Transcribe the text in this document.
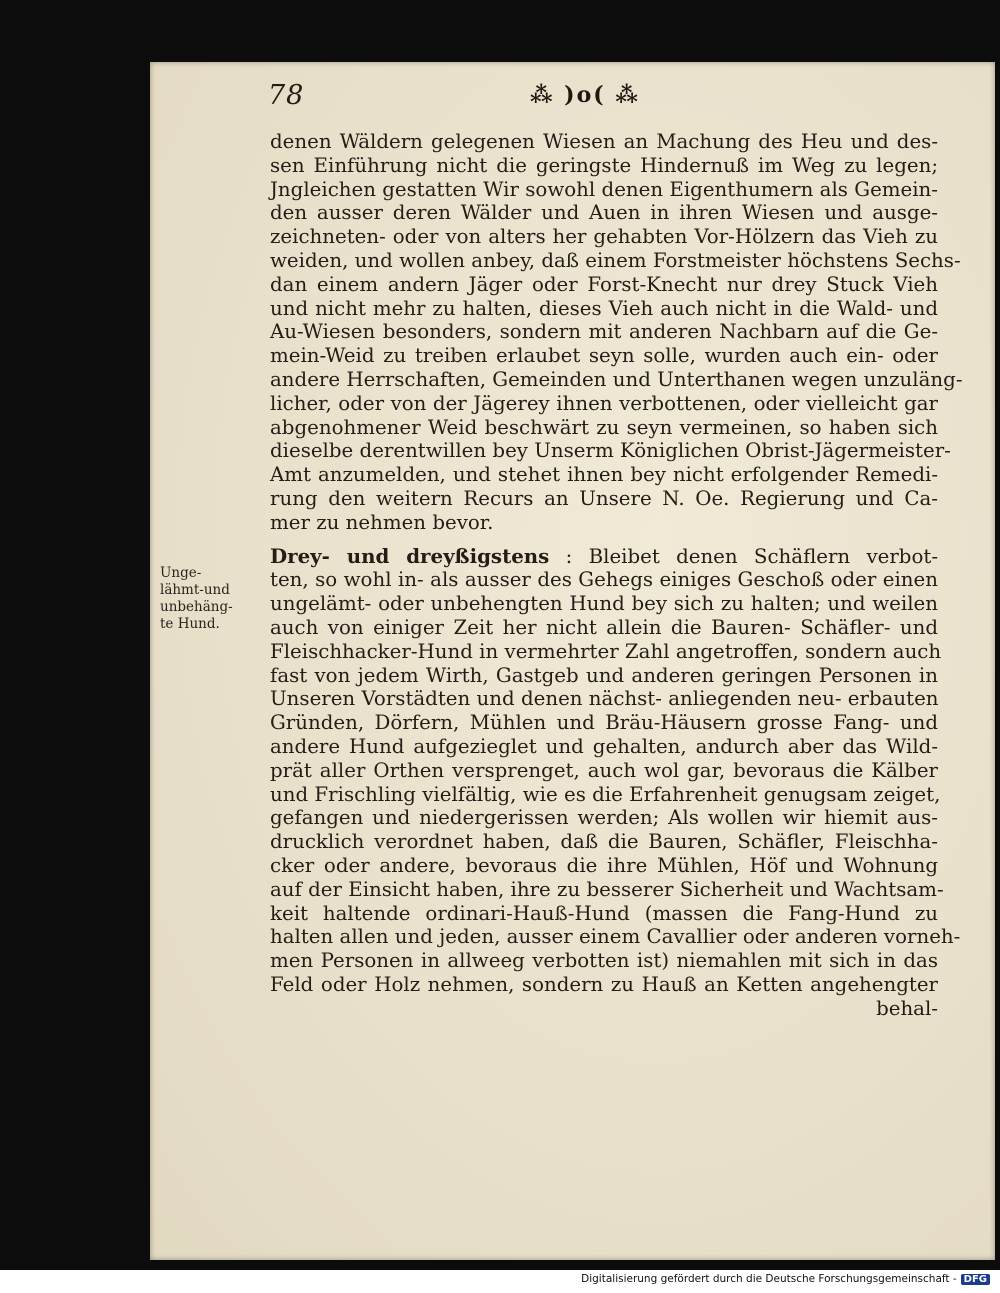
78	⁂ )o( ⁂
Unge-
lähmt-und
unbehäng-
te Hund.
denen Wäldern gelegenen Wiesen an Machung des Heu und des-
sen Einführung nicht die geringste Hindernuß im Weg zu legen;
Jngleichen gestatten Wir sowohl denen Eigenthumern als Gemein-
den ausser deren Wälder und Auen in ihren Wiesen und ausge-
zeichneten- oder von alters her gehabten Vor-Hölzern das Vieh zu
weiden, und wollen anbey, daß einem Forstmeister höchstens Sechs-
dan einem andern Jäger oder Forst-Knecht nur drey Stuck Vieh
und nicht mehr zu halten, dieses Vieh auch nicht in die Wald- und
Au-Wiesen besonders, sondern mit anderen Nachbarn auf die Ge-
mein-Weid zu treiben erlaubet seyn solle, wurden auch ein- oder
andere Herrschaften, Gemeinden und Unterthanen wegen unzuläng-
licher, oder von der Jägerey ihnen verbottenen, oder vielleicht gar
abgenohmener Weid beschwärt zu seyn vermeinen, so haben sich
dieselbe derentwillen bey Unserm Königlichen Obrist-Jägermeister-
Amt anzumelden, und stehet ihnen bey nicht erfolgender Remedi-
rung den weitern Recurs an Unsere N. Oe. Regierung und Ca-
mer zu nehmen bevor.
Drey- und dreyßigstens : Bleibet denen Schäflern verbot-
ten, so wohl in- als ausser des Gehegs einiges Geschoß oder einen
ungelämt- oder unbehengten Hund bey sich zu halten; und weilen
auch von einiger Zeit her nicht allein die Bauren- Schäfler- und
Fleischhacker-Hund in vermehrter Zahl angetroffen, sondern auch
fast von jedem Wirth, Gastgeb und anderen geringen Personen in
Unseren Vorstädten und denen nächst- anliegenden neu- erbauten
Gründen, Dörfern, Mühlen und Bräu-Häusern grosse Fang- und
andere Hund aufgezieglet und gehalten, andurch aber das Wild-
prät aller Orthen versprenget, auch wol gar, bevoraus die Kälber
und Frischling vielfältig, wie es die Erfahrenheit genugsam zeiget,
gefangen und niedergerissen werden; Als wollen wir hiemit aus-
drucklich verordnet haben, daß die Bauren, Schäfler, Fleischha-
cker oder andere, bevoraus die ihre Mühlen, Höf und Wohnung
auf der Einsicht haben, ihre zu besserer Sicherheit und Wachtsam-
keit haltende ordinari-Hauß-Hund (massen die Fang-Hund zu
halten allen und jeden, ausser einem Cavallier oder anderen vorneh-
men Personen in allweeg verbotten ist) niemahlen mit sich in das
Feld oder Holz nehmen, sondern zu Hauß an Ketten angehengter
behal-
Digitalisierung gefördert durch die Deutsche Forschungsgemeinschaft - DFG
